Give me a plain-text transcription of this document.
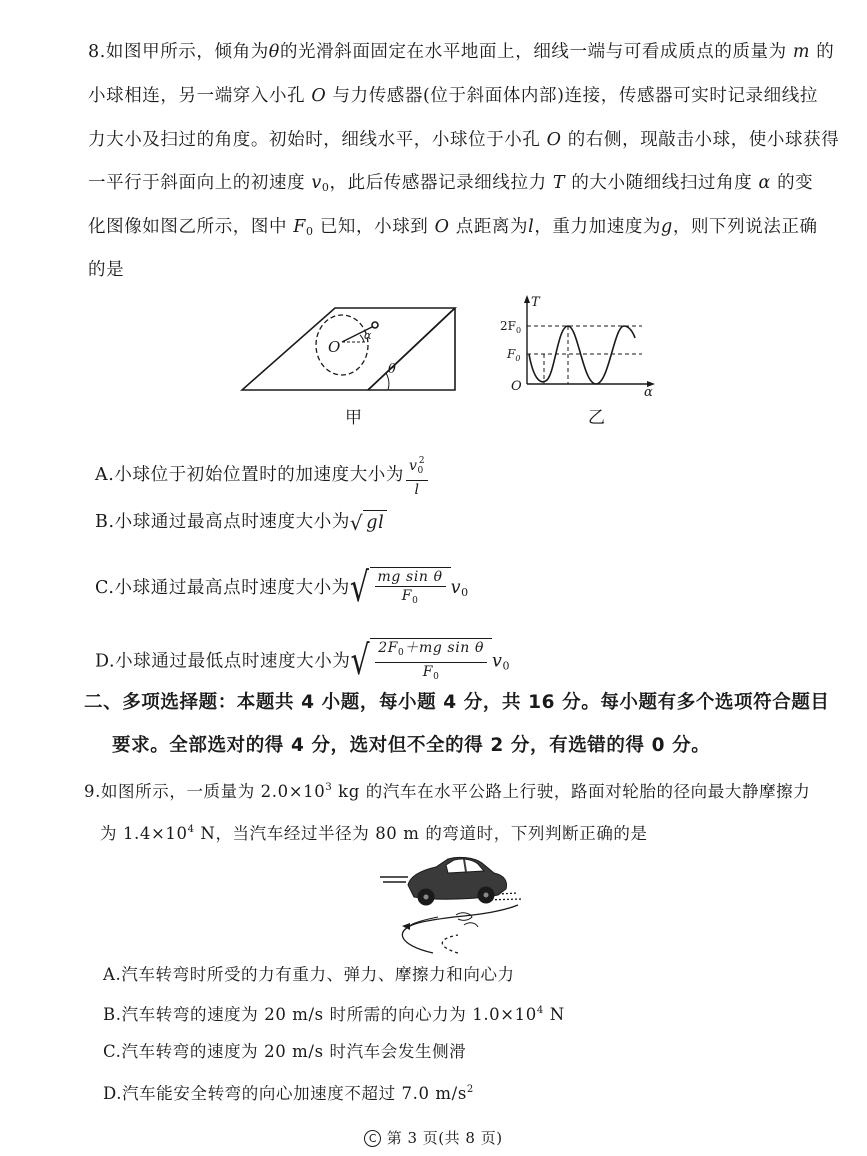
8.如图甲所示，倾角为θ的光滑斜面固定在水平地面上，细线一端与可看成质点的质量为 m 的
小球相连，另一端穿入小孔 O 与力传感器(位于斜面体内部)连接，传感器可实时记录细线拉
力大小及扫过的角度。初始时，细线水平，小球位于小孔 O 的右侧，现敲击小球，使小球获得
一平行于斜面向上的初速度 $v_0$，此后传感器记录细线拉力 T 的大小随细线扫过角度 α 的变
化图像如图乙所示，图中 $F_0$ 已知，小球到 O 点距离为l，重力加速度为g，则下列说法正确
的是
O
α
θ
甲
T
$2F_0$
$F_0$
O	α
乙
A.小球位于初始位置时的加速度大小为 $\frac{v_0^2}{l}$
B.小球通过最高点时速度大小为√ gl
C.小球通过最高点时速度大小为√ $\frac{\text{mg sin θ}}{F_0} v_0$
D.小球通过最低点时速度大小为√ $\frac{2F_0+mg \sin \theta}{F_0} v_0$
二、多项选择题：本题共 4 小题，每小题 4 分，共 16 分。每小题有多个选项符合题目
要求。全部选对的得 4 分，选对但不全的得 2 分，有选错的得 0 分。
9.如图所示，一质量为 $2.0\times 10^3$ kg 的汽车在水平公路上行驶，路面对轮胎的径向最大静摩擦力
为 $1.4\times 10^4$ N，当汽车经过半径为 80 m 的弯道时，下列判断正确的是
A.汽车转弯时所受的力有重力、弹力、摩擦力和向心力
B.汽车转弯的速度为 20 m/s 时所需的向心力为 $1.0\times 10^4$ N
C.汽车转弯的速度为 20 m/s 时汽车会发生侧滑
D.汽车能安全转弯的向心加速度不超过 7.0 $m/s^2$
C 第 3 页(共 8 页)
